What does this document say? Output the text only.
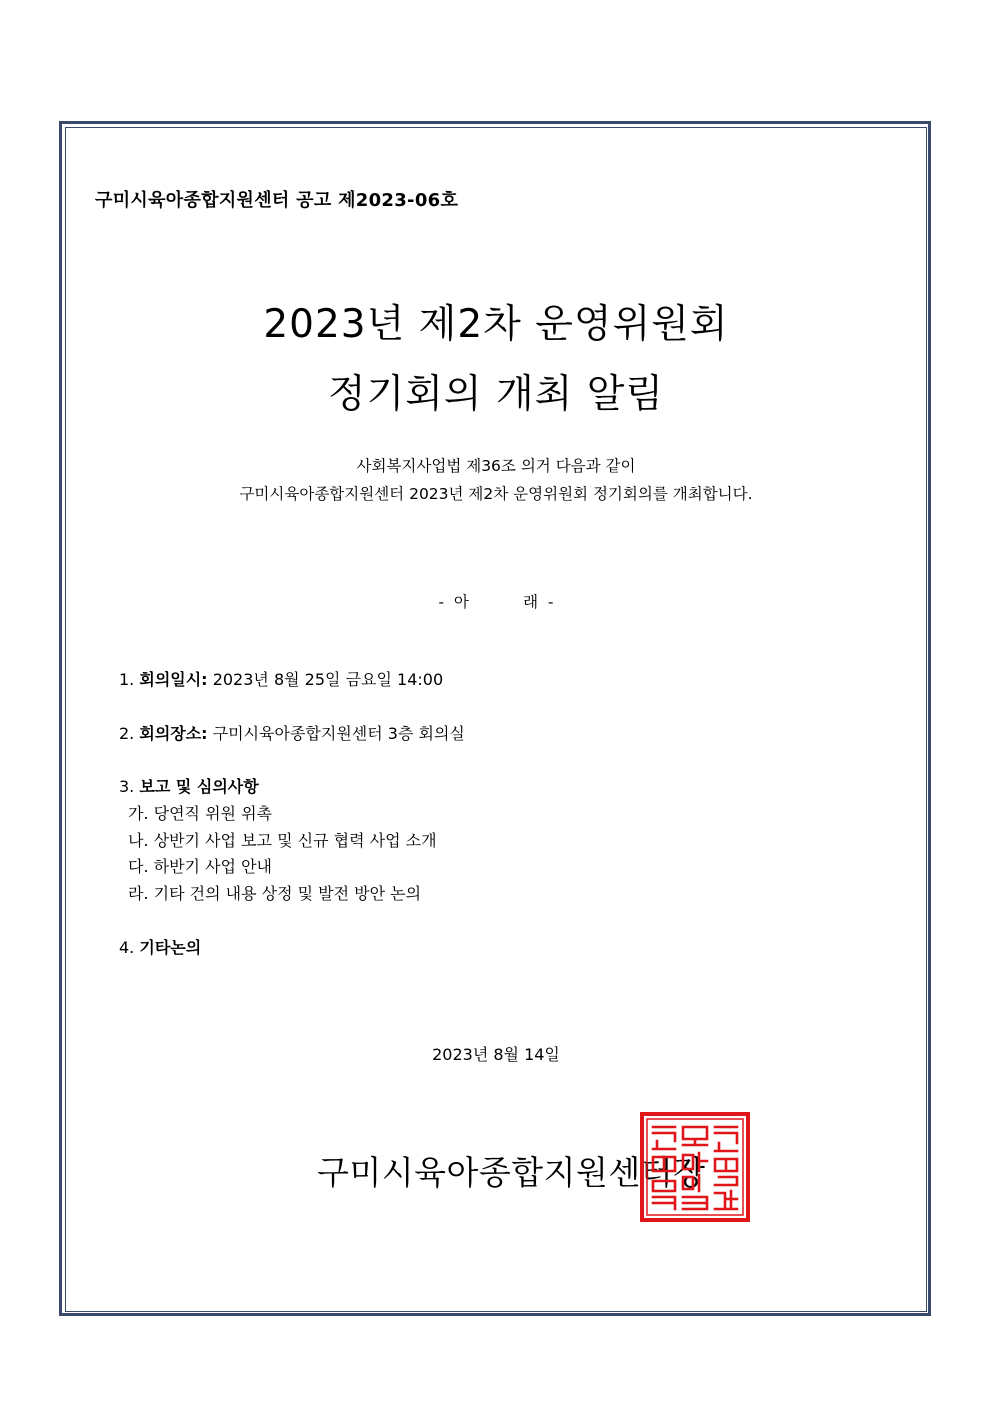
구미시육아종합지원센터 공고 제2023-06호
2023년 제2차 운영위원회
정기회의 개최 알림
사회복지사업법 제36조 의거 다음과 같이
구미시육아종합지원센터 2023년 제2차 운영위원회 정기회의를 개최합니다.
-  아           래  -
1. 회의일시: 2023년 8월 25일 금요일 14:00
2. 회의장소: 구미시육아종합지원센터 3층 회의실
3. 보고 및 심의사항
가. 당연직 위원 위촉
나. 상반기 사업 보고 및 신규 협력 사업 소개
다. 하반기 사업 안내
라. 기타 건의 내용 상정 및 발전 방안 논의
4. 기타논의
2023년 8월 14일
구미시육아종합지원센터장
